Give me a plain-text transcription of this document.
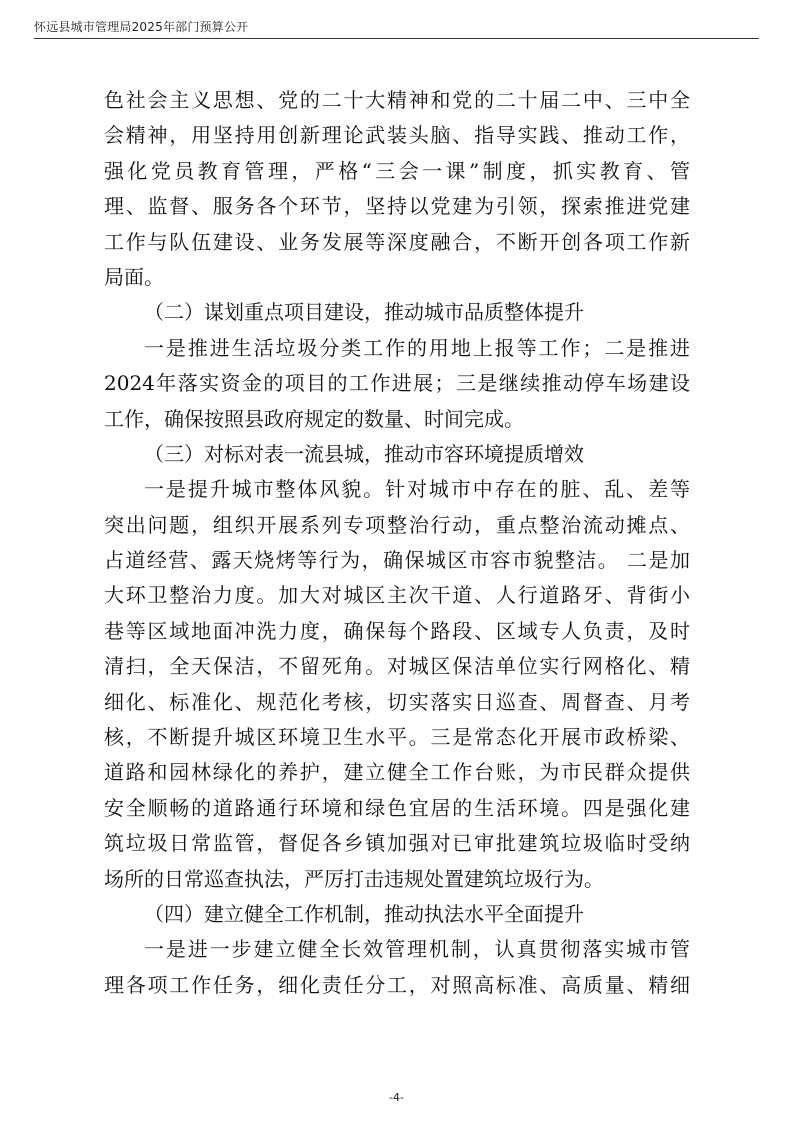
怀远县城市管理局2025年部门预算公开
色社会主义思想、党的二十大精神和党的二十届二中、三中全
会精神，用坚持用创新理论武装头脑、指导实践、推动工作，
强化党员教育管理，严格“三会一课”制度，抓实教育、管
理、监督、服务各个环节，坚持以党建为引领，探索推进党建
工作与队伍建设、业务发展等深度融合，不断开创各项工作新
局面。
（二）谋划重点项目建设，推动城市品质整体提升
一是推进生活垃圾分类工作的用地上报等工作；二是推进
2024年落实资金的项目的工作进展；三是继续推动停车场建设
工作，确保按照县政府规定的数量、时间完成。
（三）对标对表一流县城，推动市容环境提质增效
一是提升城市整体风貌。针对城市中存在的脏、乱、差等
突出问题，组织开展系列专项整治行动，重点整治流动摊点、
占道经营、露天烧烤等行为，确保城区市容市貌整洁。 二是加
大环卫整治力度。加大对城区主次干道、人行道路牙、背街小
巷等区域地面冲洗力度，确保每个路段、区域专人负责，及时
清扫，全天保洁，不留死角。对城区保洁单位实行网格化、精
细化、标准化、规范化考核，切实落实日巡查、周督查、月考
核，不断提升城区环境卫生水平。三是常态化开展市政桥梁、
道路和园林绿化的养护，建立健全工作台账，为市民群众提供
安全顺畅的道路通行环境和绿色宜居的生活环境。四是强化建
筑垃圾日常监管，督促各乡镇加强对已审批建筑垃圾临时受纳
场所的日常巡查执法，严厉打击违规处置建筑垃圾行为。
（四）建立健全工作机制，推动执法水平全面提升
一是进一步建立健全长效管理机制，认真贯彻落实城市管
理各项工作任务，细化责任分工，对照高标准、高质量、精细
-4-
